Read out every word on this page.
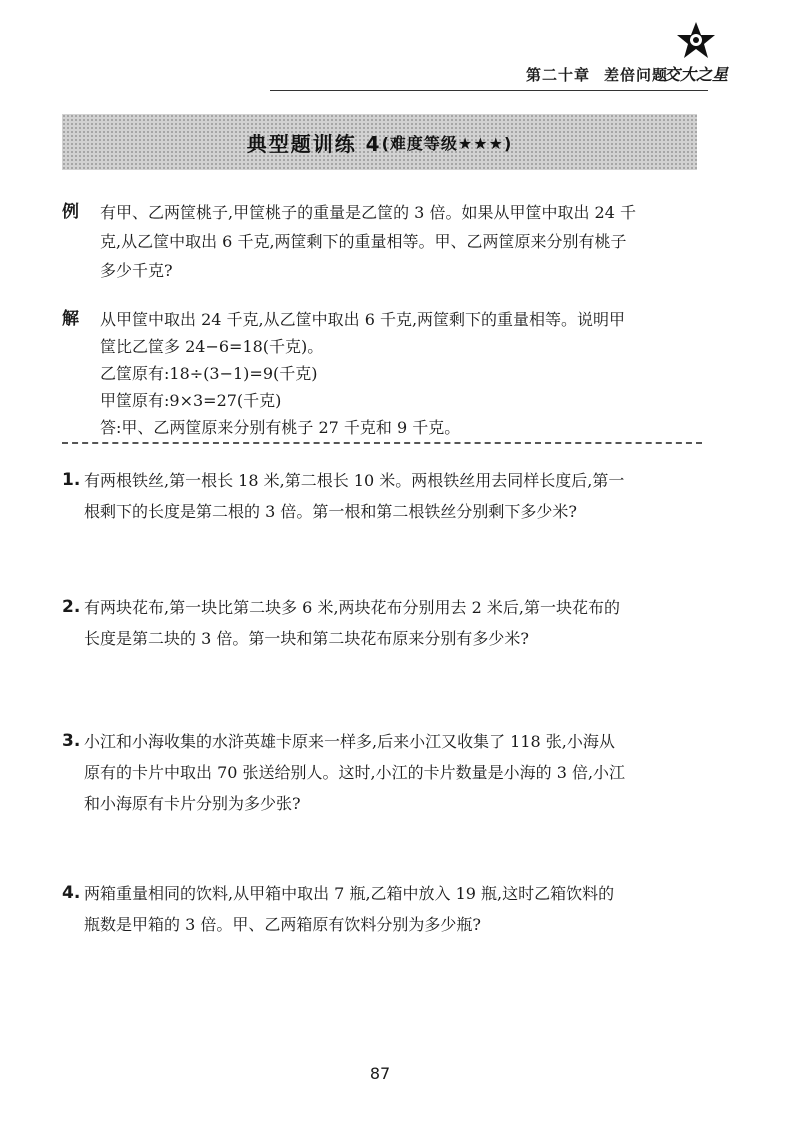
第二十章 差倍问题
交大之星
典型题训练 4 (难度等级★★★)
例 有甲、乙两筐桃子,甲筐桃子的重量是乙筐的 3 倍。如果从甲筐中取出 24 千
克,从乙筐中取出 6 千克,两筐剩下的重量相等。甲、乙两筐原来分别有桃子
多少千克?
解 从甲筐中取出 24 千克,从乙筐中取出 6 千克,两筐剩下的重量相等。说明甲
筐比乙筐多 24−6=18(千克)。
乙筐原有:18÷(3−1)=9(千克)
甲筐原有:9×3=27(千克)
答:甲、乙两筐原来分别有桃子 27 千克和 9 千克。
1. 有两根铁丝,第一根长 18 米,第二根长 10 米。两根铁丝用去同样长度后,第一
根剩下的长度是第二根的 3 倍。第一根和第二根铁丝分别剩下多少米?
2. 有两块花布,第一块比第二块多 6 米,两块花布分别用去 2 米后,第一块花布的
长度是第二块的 3 倍。第一块和第二块花布原来分别有多少米?
3. 小江和小海收集的水浒英雄卡原来一样多,后来小江又收集了 118 张,小海从
原有的卡片中取出 70 张送给别人。这时,小江的卡片数量是小海的 3 倍,小江
和小海原有卡片分别为多少张?
4. 两箱重量相同的饮料,从甲箱中取出 7 瓶,乙箱中放入 19 瓶,这时乙箱饮料的
瓶数是甲箱的 3 倍。甲、乙两箱原有饮料分别为多少瓶?
87
